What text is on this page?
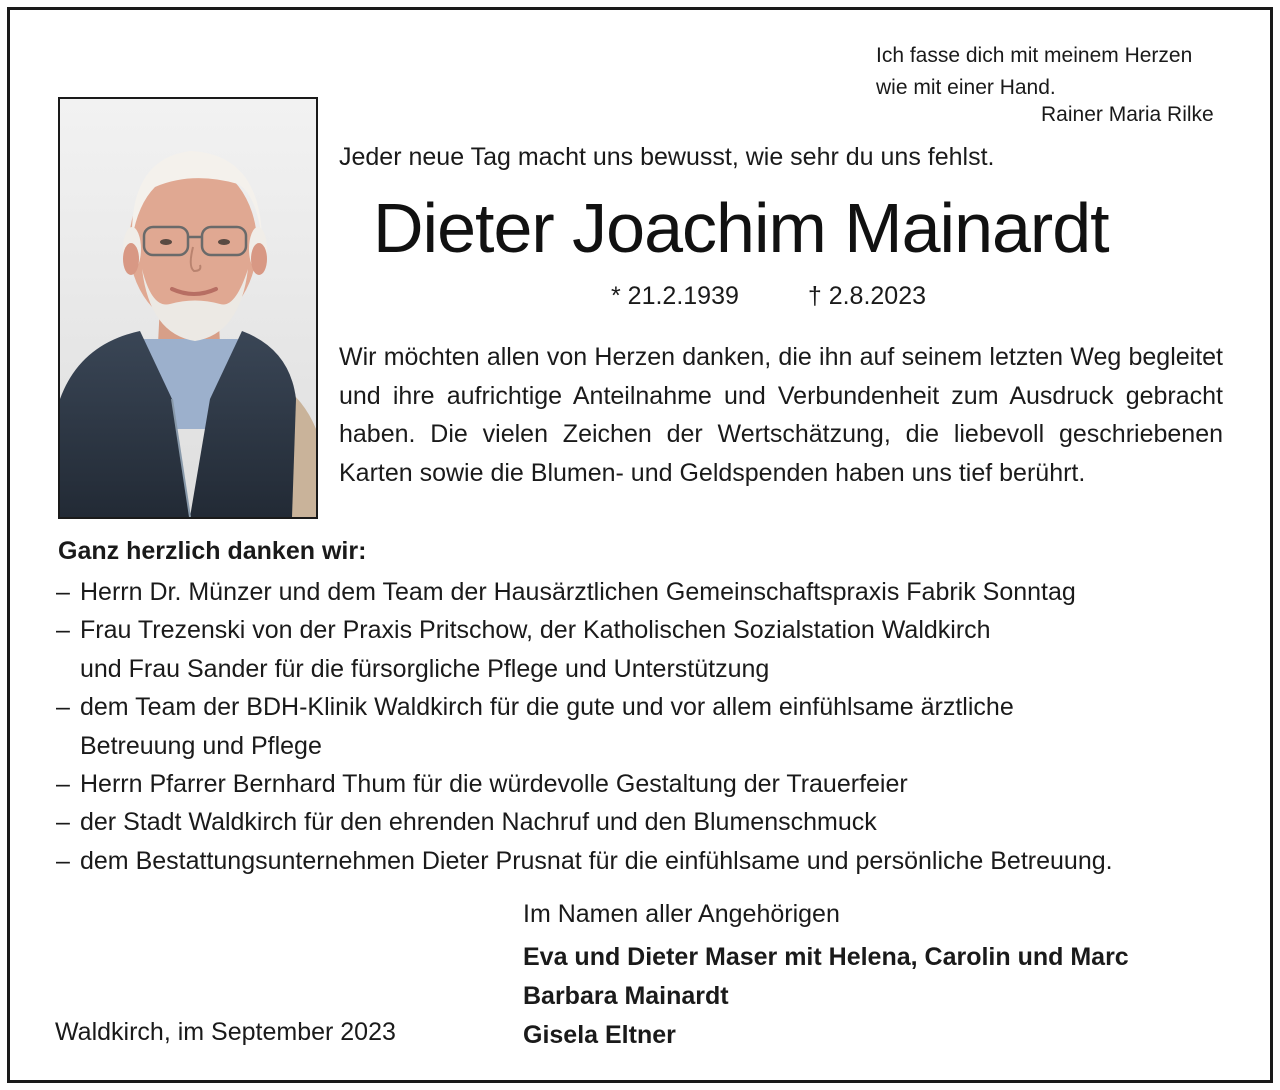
Ich fasse dich mit meinem Herzen
wie mit einer Hand.
Rainer Maria Rilke
Jeder neue Tag macht uns bewusst, wie sehr du uns fehlst.
Dieter Joachim Mainardt
* 21.2.1939	† 2.8.2023

Wir möchten allen von Herzen danken, die ihn auf seinem letzten Weg begleitet und ihre aufrichtige Anteilnahme und Verbundenheit zum Ausdruck gebracht haben. Die vielen Zeichen der Wertschätzung, die liebevoll geschriebenen Karten sowie die Blumen- und Geldspenden haben uns tief berührt.

Ganz herzlich danken wir:
– Herrn Dr. Münzer und dem Team der Hausärztlichen Gemeinschaftspraxis Fabrik Sonntag
– Frau Trezenski von der Praxis Pritschow, der Katholischen Sozialstation Waldkirch
und Frau Sander für die fürsorgliche Pflege und Unterstützung
– dem Team der BDH-Klinik Waldkirch für die gute und vor allem einfühlsame ärztliche
Betreuung und Pflege
– Herrn Pfarrer Bernhard Thum für die würdevolle Gestaltung der Trauerfeier
– der Stadt Waldkirch für den ehrenden Nachruf und den Blumenschmuck
– dem Bestattungsunternehmen Dieter Prusnat für die einfühlsame und persönliche Betreuung.
Im Namen aller Angehörigen
Eva und Dieter Maser mit Helena, Carolin und Marc
Barbara Mainardt
Gisela Eltner
Waldkirch, im September 2023
